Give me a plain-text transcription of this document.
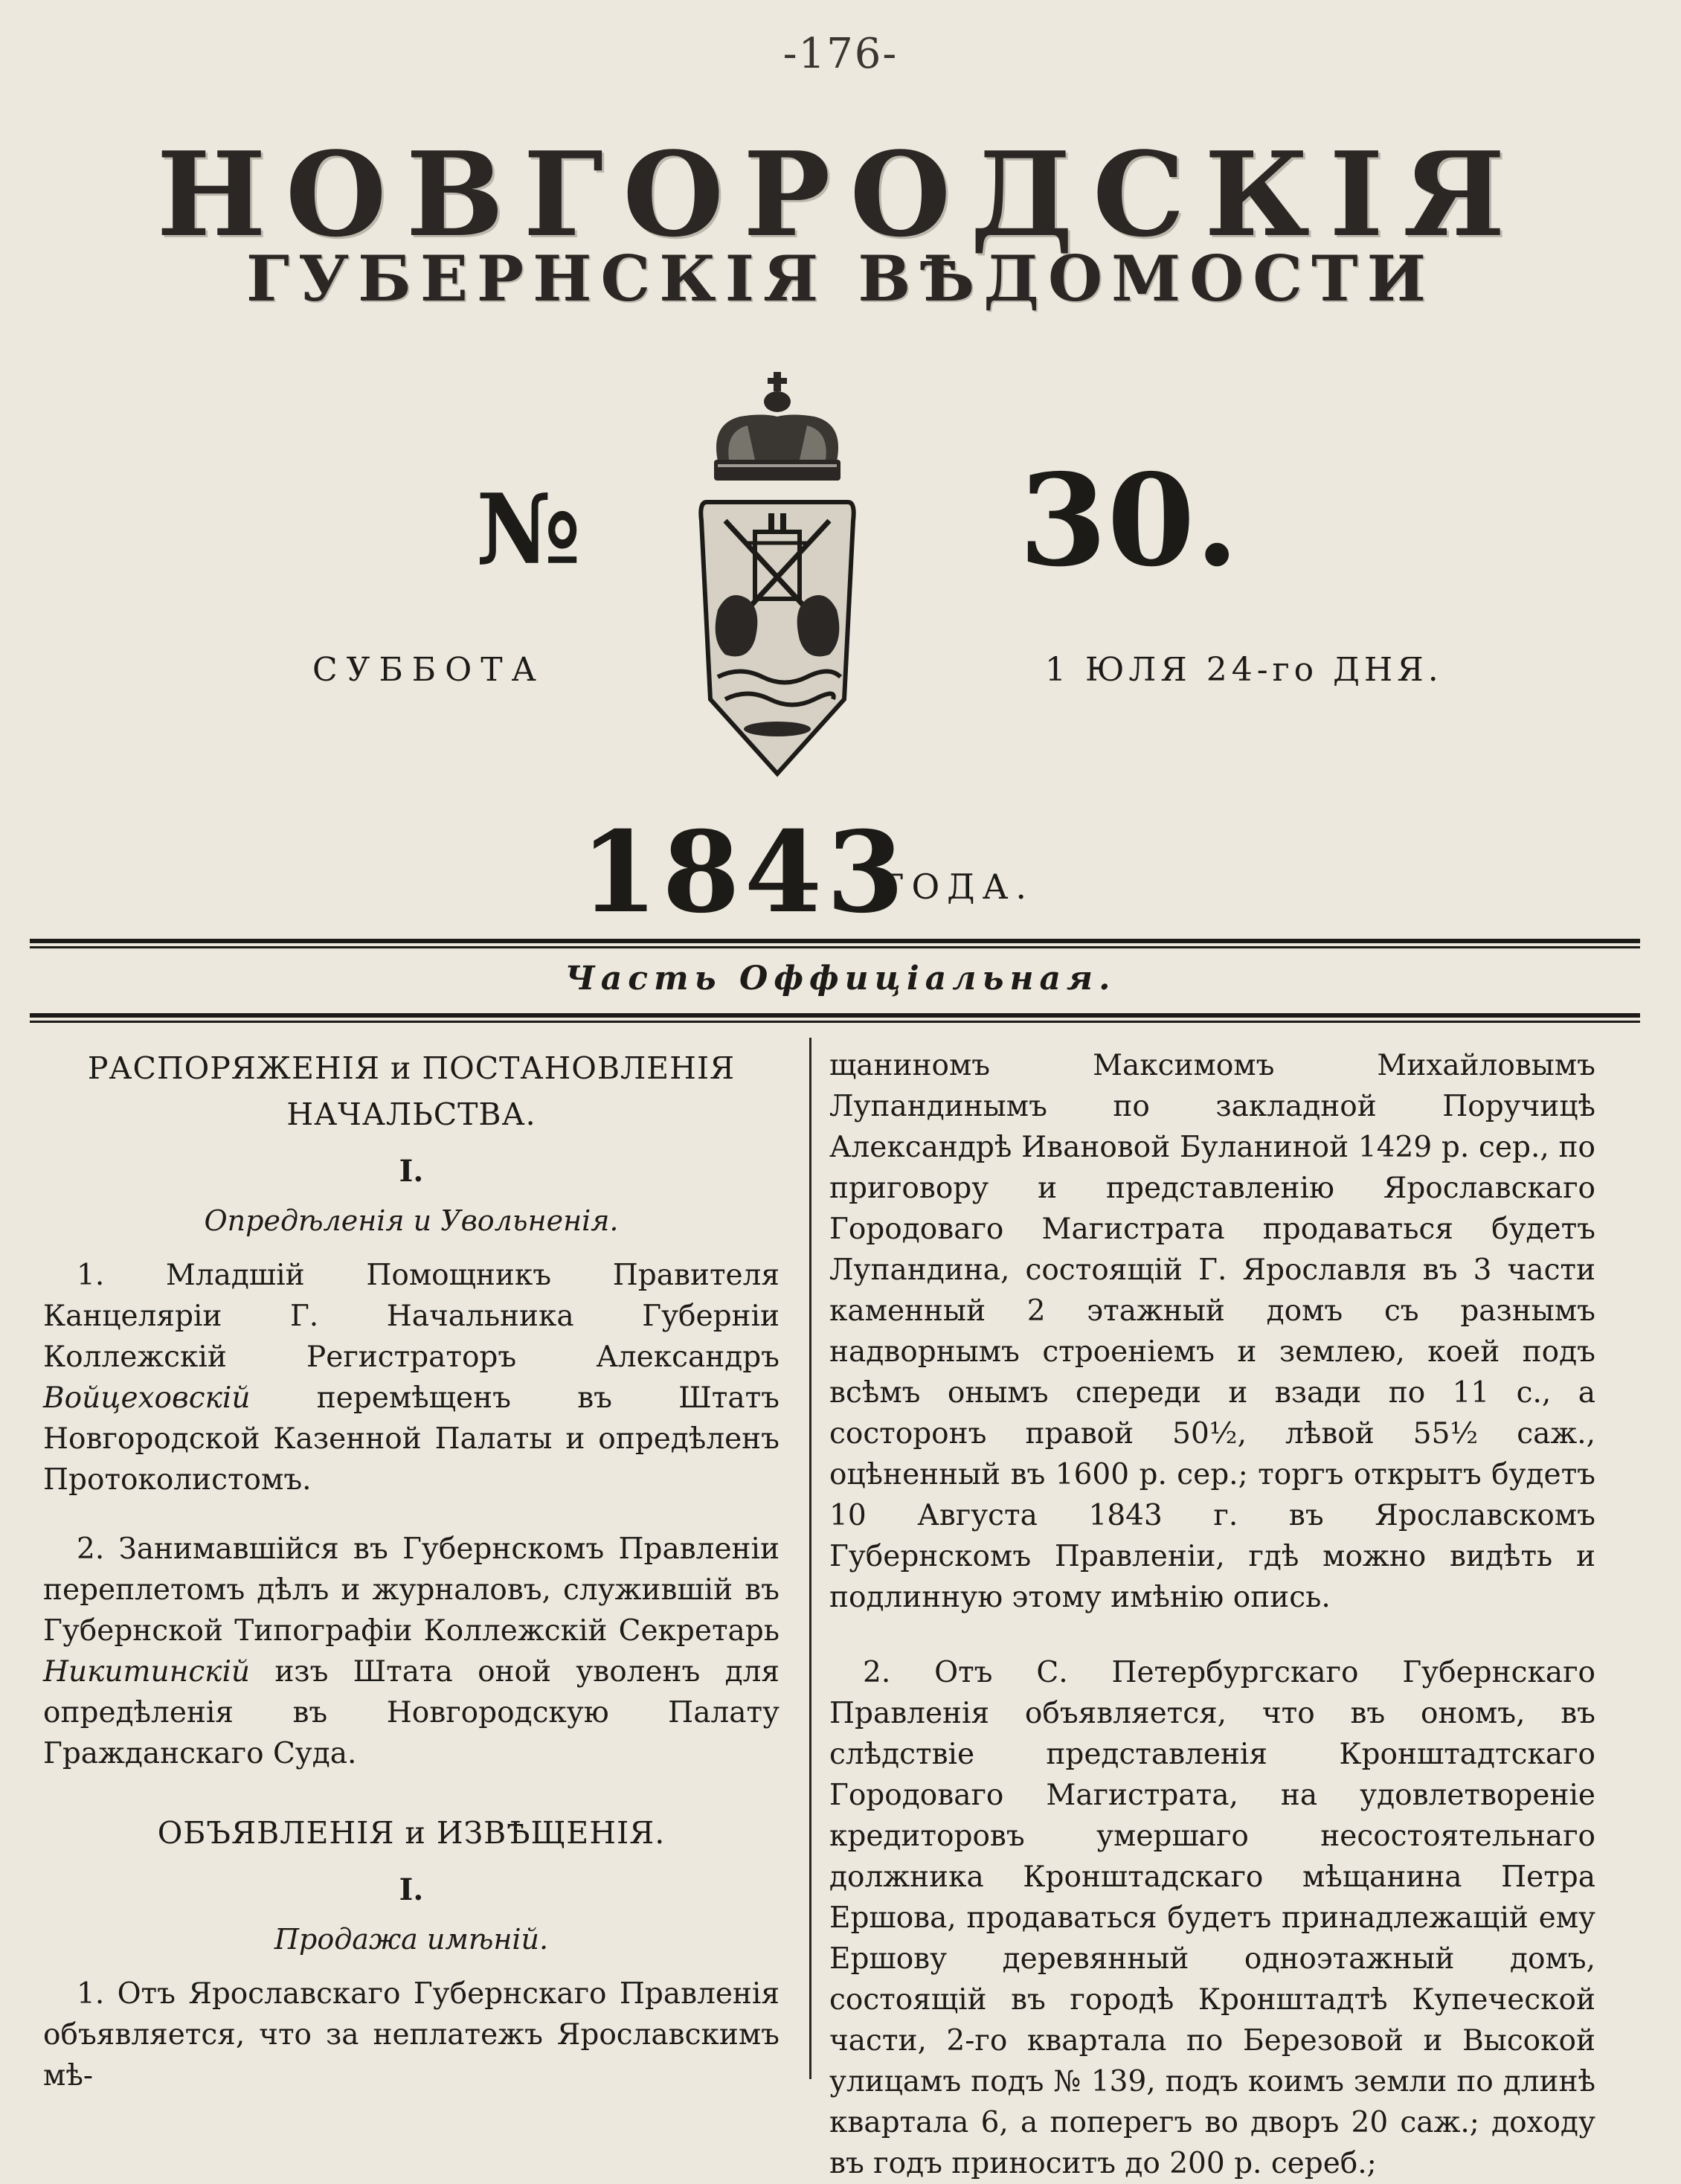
-176-
НОВГОРОДСКІЯ
ГУБЕРНСКІЯ ВѢДОМОСТИ
№	30.
СУББОТА	1 ЮЛЯ 24-го ДНЯ.
1843
ГОДА.
Часть Оффиціальная.
РАСПОРЯЖЕНІЯ и ПОСТАНОВЛЕНІЯ НАЧАЛЬСТВА.
I.
Опредѣленія и Увольненія.

1. Младшій Помощникъ Правителя Канцеляріи Г. Начальника Губерніи Коллежскій Регистраторъ Александръ Войцеховскій перемѣщенъ въ Штатъ Новгородской Казенной Палаты и опредѣленъ Протоколистомъ.

2. Занимавшійся въ Губернскомъ Правленіи переплетомъ дѣлъ и журналовъ, служившій въ Губернской Типографіи Коллежскій Секретарь Никитинскій изъ Штата оной уволенъ для опредѣленія въ Новгородскую Палату Гражданскаго Суда.

ОБЪЯВЛЕНІЯ и ИЗВѢЩЕНІЯ.
I.
Продажа имѣній.

1. Отъ Ярославскаго Губернскаго Правленія объявляется, что за неплатежъ Ярославскимъ мѣ-

щаниномъ Максимомъ Михайловымъ Лупандинымъ по закладной Поручицѣ Александрѣ Ивановой Буланиной 1429 р. сер., по приговору и представленію Ярославскаго Городоваго Магистрата продаваться будетъ Лупандина, состоящій Г. Ярославля въ 3 части каменный 2 этажный домъ съ разнымъ надворнымъ строеніемъ и землею, коей подъ всѣмъ онымъ спереди и взади по 11 с., а состоронъ правой 50½, лѣвой 55½ саж., оцѣненный въ 1600 р. сер.; торгъ открытъ будетъ 10 Августа 1843 г. въ Ярославскомъ Губернскомъ Правленіи, гдѣ можно видѣть и подлинную этому имѣнію опись.

2. Отъ С. Петербургскаго Губернскаго Правленія объявляется, что въ ономъ, въ слѣдствіе представленія Кронштадтскаго Городоваго Магистрата, на удовлетвореніе кредиторовъ умершаго несостоятельнаго должника Кронштадскаго мѣщанина Петра Ершова, продаваться будетъ принадлежащій ему Ершову деревянный одноэтажный домъ, состоящій въ городѣ Кронштадтѣ Купеческой части, 2-го квартала по Березовой и Высокой улицамъ подъ № 139, подъ коимъ земли по длинѣ квартала 6, а поперегъ во дворъ 20 саж.; доходу въ годъ приноситъ до 200 р. сереб.;
